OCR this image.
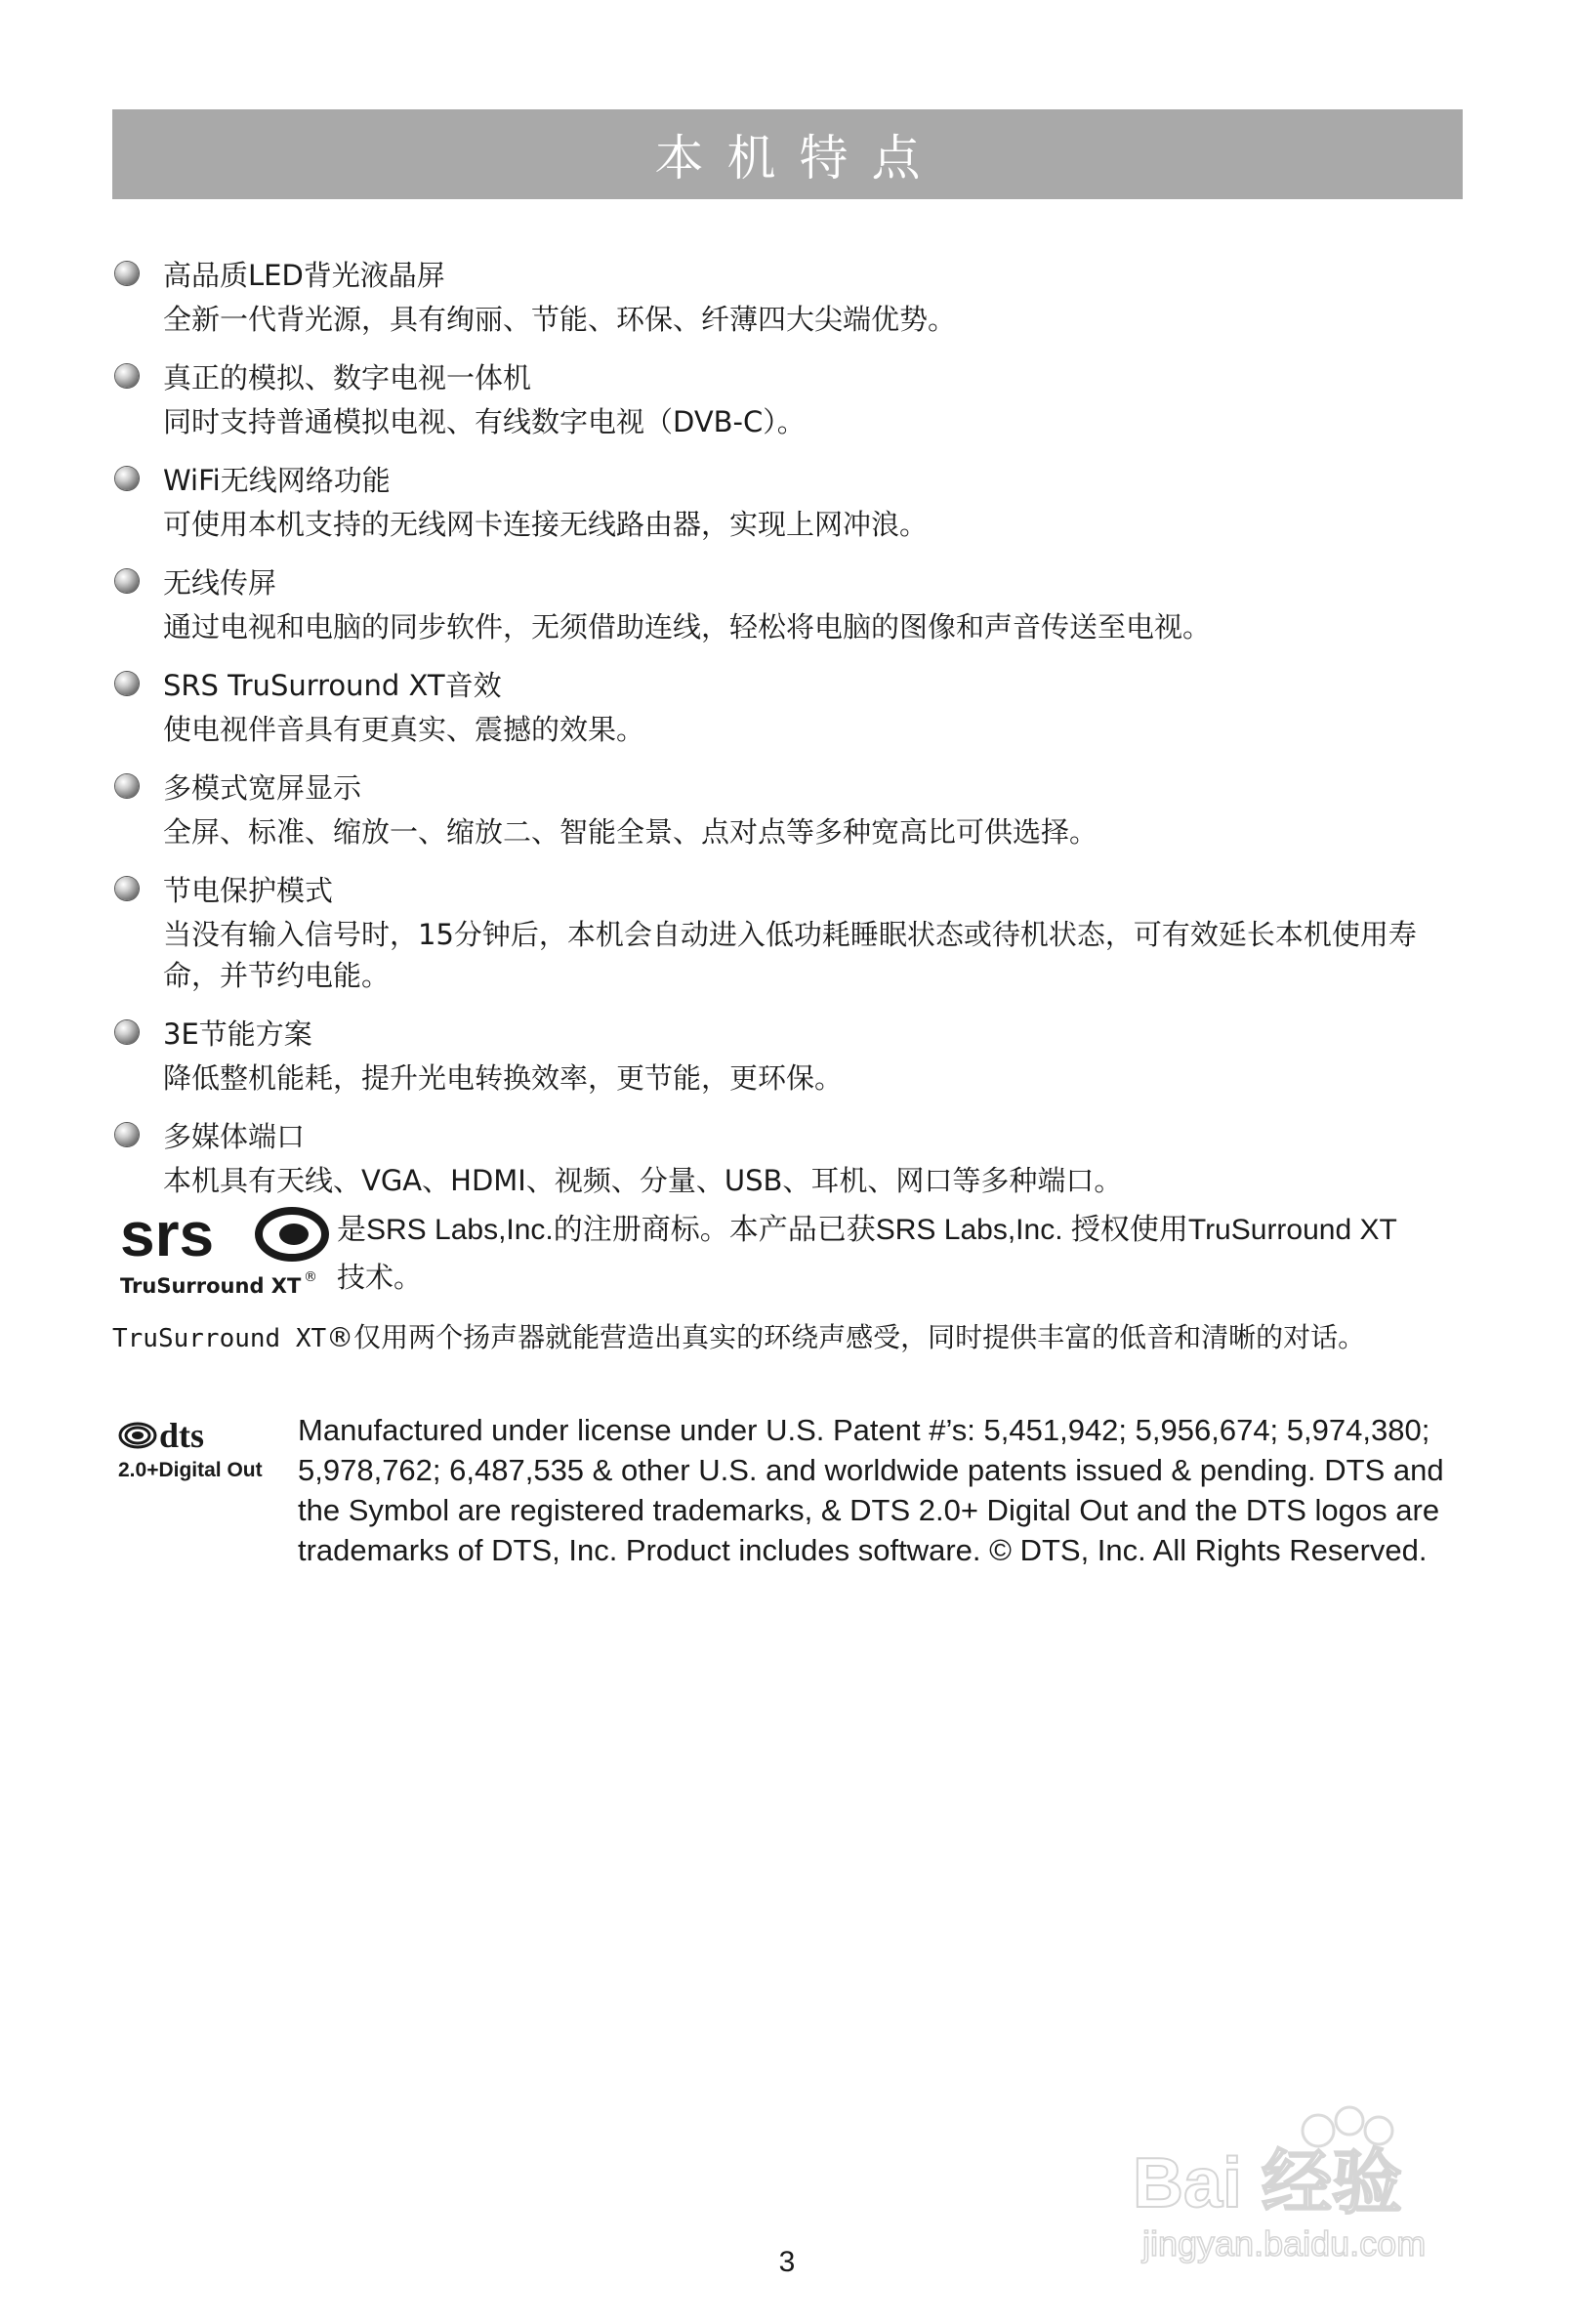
本机特点
高品质LED背光液晶屏
全新一代背光源，具有绚丽、节能、环保、纤薄四大尖端优势。
真正的模拟、数字电视一体机
同时支持普通模拟电视、有线数字电视（DVB-C）。
WiFi无线网络功能
可使用本机支持的无线网卡连接无线路由器，实现上网冲浪。
无线传屏
通过电视和电脑的同步软件，无须借助连线，轻松将电脑的图像和声音传送至电视。
SRS TruSurround XT音效
使电视伴音具有更真实、震撼的效果。
多模式宽屏显示
全屏、标准、缩放一、缩放二、智能全景、点对点等多种宽高比可供选择。
节电保护模式
当没有输入信号时，15分钟后，本机会自动进入低功耗睡眠状态或待机状态，可有效延长本机使用寿命，并节约电能。
3E节能方案
降低整机能耗，提升光电转换效率，更节能，更环保。
多媒体端口
本机具有天线、VGA、HDMI、视频、分量、USB、耳机、网口等多种端口。
srs
TruSurround XT ®
是SRS Labs,Inc.的注册商标。本产品已获SRS Labs,Inc. 授权使用TruSurround XT
技术。
TruSurround XT®仅用两个扬声器就能营造出真实的环绕声感受，同时提供丰富的低音和清晰的对话。
dts
2.0+Digital Out
Manufactured under license under U.S. Patent #’s: 5,451,942; 5,956,674; 5,974,380; 5,978,762; 6,487,535 & other U.S. and worldwide patents issued & pending. DTS and the Symbol are registered trademarks, & DTS 2.0+ Digital Out and the DTS logos are trademarks of DTS, Inc. Product includes software. © DTS, Inc. All Rights Reserved.
Bai 经验
jingyan.baidu.com
3
